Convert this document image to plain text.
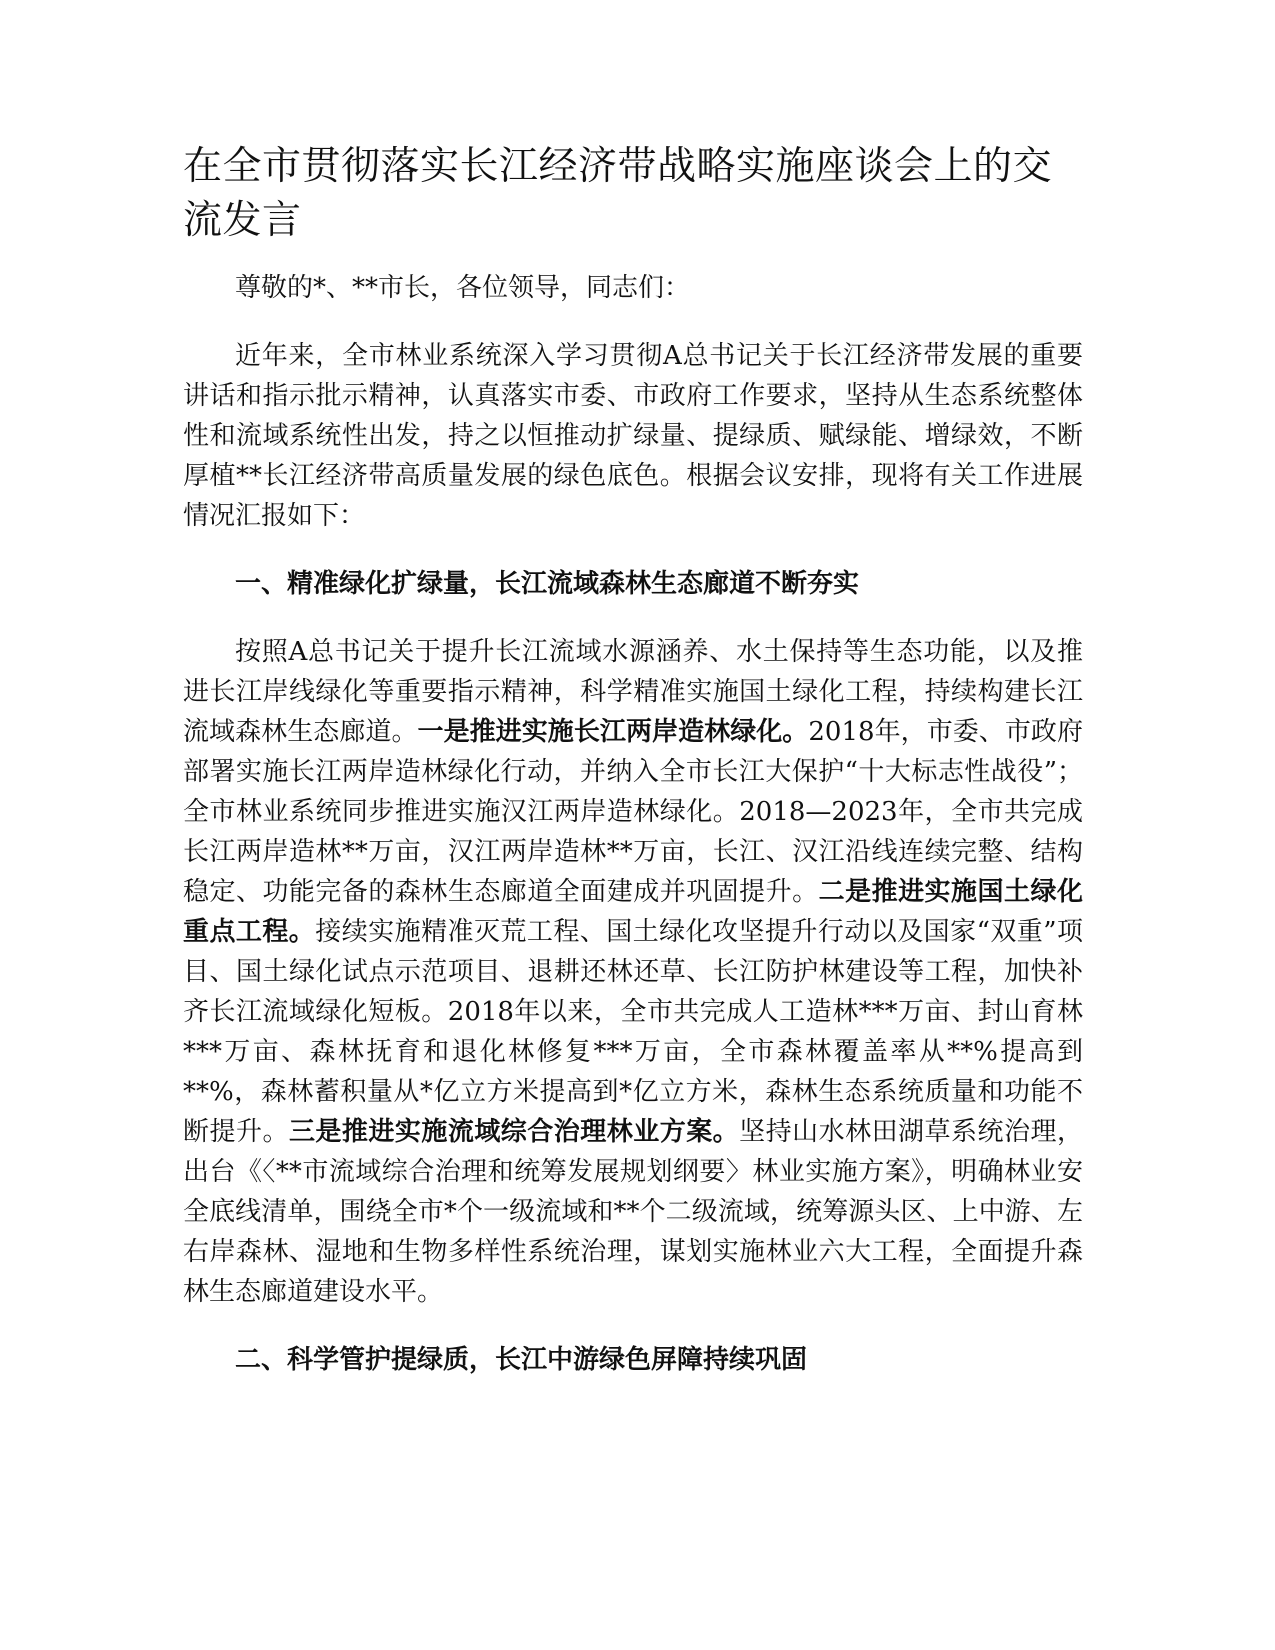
在全市贯彻落实长江经济带战略实施座谈会上的交流发言

尊敬的*、**市长，各位领导，同志们：

近年来，全市林业系统深入学习贯彻A总书记关于长江经济带发展的重要讲话和指示批示精神，认真落实市委、市政府工作要求，坚持从生态系统整体性和流域系统性出发，持之以恒推动扩绿量、提绿质、赋绿能、增绿效，不断厚植**长江经济带高质量发展的绿色底色。根据会议安排，现将有关工作进展情况汇报如下：

一、精准绿化扩绿量，长江流域森林生态廊道不断夯实

按照A总书记关于提升长江流域水源涵养、水土保持等生态功能，以及推进长江岸线绿化等重要指示精神，科学精准实施国土绿化工程，持续构建长江流域森林生态廊道。一是推进实施长江两岸造林绿化。2018年，市委、市政府部署实施长江两岸造林绿化行动，并纳入全市长江大保护“十大标志性战役”；全市林业系统同步推进实施汉江两岸造林绿化。2018—2023年，全市共完成长江两岸造林**万亩，汉江两岸造林**万亩，长江、汉江沿线连续完整、结构稳定、功能完备的森林生态廊道全面建成并巩固提升。二是推进实施国土绿化重点工程。接续实施精准灭荒工程、国土绿化攻坚提升行动以及国家“双重”项目、国土绿化试点示范项目、退耕还林还草、长江防护林建设等工程，加快补齐长江流域绿化短板。2018年以来，全市共完成人工造林***万亩、封山育林***万亩、森林抚育和退化林修复***万亩，全市森林覆盖率从**%提高到**%，森林蓄积量从*亿立方米提高到*亿立方米，森林生态系统质量和功能不断提升。三是推进实施流域综合治理林业方案。坚持山水林田湖草系统治理，出台《〈**市流域综合治理和统筹发展规划纲要〉林业实施方案》，明确林业安全底线清单，围绕全市*个一级流域和**个二级流域，统筹源头区、上中游、左右岸森林、湿地和生物多样性系统治理，谋划实施林业六大工程，全面提升森林生态廊道建设水平。

二、科学管护提绿质，长江中游绿色屏障持续巩固
